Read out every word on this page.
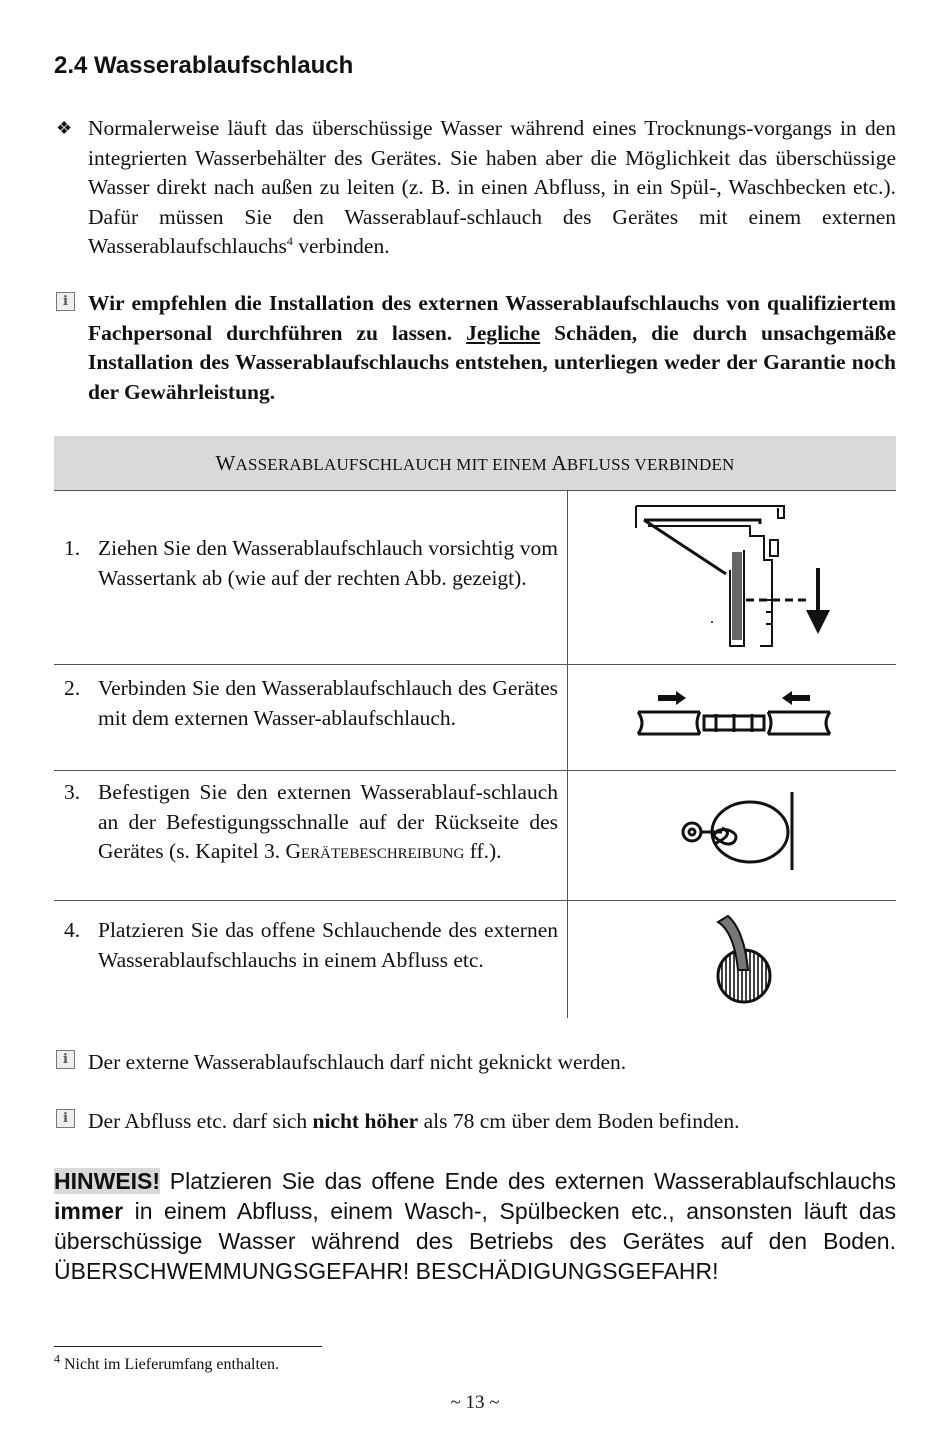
2.4 Wasserablaufschlauch
❖ Normalerweise läuft das überschüssige Wasser während eines Trocknungs-vorgangs in den integrierten Wasserbehälter des Gerätes. Sie haben aber die Möglichkeit das überschüssige Wasser direkt nach außen zu leiten (z. B. in einen Abfluss, in ein Spül-, Waschbecken etc.). Dafür müssen Sie den Wasserablauf-schlauch des Gerätes mit einem externen Wasserablaufschlauchs$^4$ verbinden.
i Wir empfehlen die Installation des externen Wasserablaufschlauchs von qualifiziertem Fachpersonal durchführen zu lassen. Jegliche Schäden, die durch unsachgemäße Installation des Wasserablaufschlauchs entstehen, unterliegen weder der Garantie noch der Gewährleistung.
WASSERABLAUFSCHLAUCH MIT EINEM ABFLUSS VERBINDEN
1. Ziehen Sie den Wasserablaufschlauch vorsichtig vom Wassertank ab (wie auf der rechten Abb. gezeigt).
2. Verbinden Sie den Wasserablaufschlauch des Gerätes mit dem externen Wasser-ablaufschlauch.
3. Befestigen Sie den externen Wasserablauf-schlauch an der Befestigungsschnalle auf der Rückseite des Gerätes (s. Kapitel 3. Gerätebeschreibung ff.).
4. Platzieren Sie das offene Schlauchende des externen Wasserablaufschlauchs in einem Abfluss etc.
i Der externe Wasserablaufschlauch darf nicht geknickt werden.
i Der Abfluss etc. darf sich nicht höher als 78 cm über dem Boden befinden.
HINWEIS! Platzieren Sie das offene Ende des externen Wasserablaufschlauchs immer in einem Abfluss, einem Wasch-, Spülbecken etc., ansonsten läuft das überschüssige Wasser während des Betriebs des Gerätes auf den Boden. ÜBERSCHWEMMUNGSGEFAHR! BESCHÄDIGUNGSGEFAHR!
$^4$ Nicht im Lieferumfang enthalten.
~ 13 ~
